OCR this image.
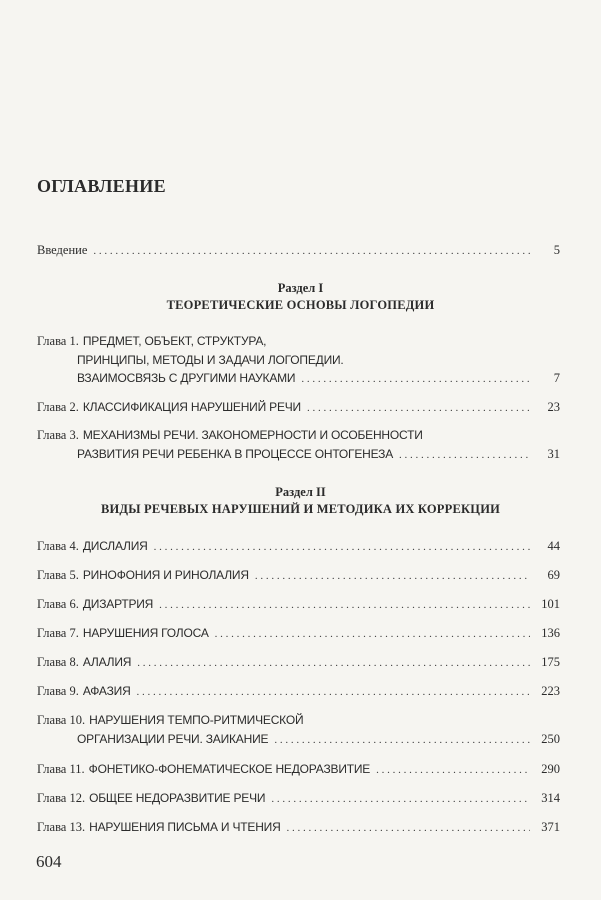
ОГЛАВЛЕНИЕ
Введение . . .	5
Раздел I
ТЕОРЕТИЧЕСКИЕ ОСНОВЫ ЛОГОПЕДИИ
Глава 1. ПРЕДМЕТ, ОБЪЕКТ, СТРУКТУРА,
ПРИНЦИПЫ, МЕТОДЫ И ЗАДАЧИ ЛОГОПЕДИИ.
ВЗАИМОСВЯЗЬ С ДРУГИМИ НАУКАМИ . . .	7
Глава 2. КЛАССИФИКАЦИЯ НАРУШЕНИЙ РЕЧИ . . .	23
Глава 3. МЕХАНИЗМЫ РЕЧИ. ЗАКОНОМЕРНОСТИ И ОСОБЕННОСТИ
РАЗВИТИЯ РЕЧИ РЕБЕНКА В ПРОЦЕССЕ ОНТОГЕНЕЗА . . .	31
Глава 4. ДИСЛАЛИЯ . . .	44
Глава 5. РИНОФОНИЯ И РИНОЛАЛИЯ . . .	69
Глава 6. ДИЗАРТРИЯ . . .	101
Глава 7. НАРУШЕНИЯ ГОЛОСА . . .	136
Глава 8. АЛАЛИЯ . . .	175
Глава 9. АФАЗИЯ . . .	223
Глава 10. НАРУШЕНИЯ ТЕМПО-РИТМИЧЕСКОЙ
ОРГАНИЗАЦИИ РЕЧИ. ЗАИКАНИЕ . . .	250
Глава 11. ФОНЕТИКО-ФОНЕМАТИЧЕСКОЕ НЕДОРАЗВИТИЕ . . .	290
Глава 12. ОБЩЕЕ НЕДОРАЗВИТИЕ РЕЧИ . . .	314
Глава 13. НАРУШЕНИЯ ПИСЬМА И ЧТЕНИЯ . . .	371
Раздел II
ВИДЫ РЕЧЕВЫХ НАРУШЕНИЙ И МЕТОДИКА ИХ КОРРЕКЦИИ
604
